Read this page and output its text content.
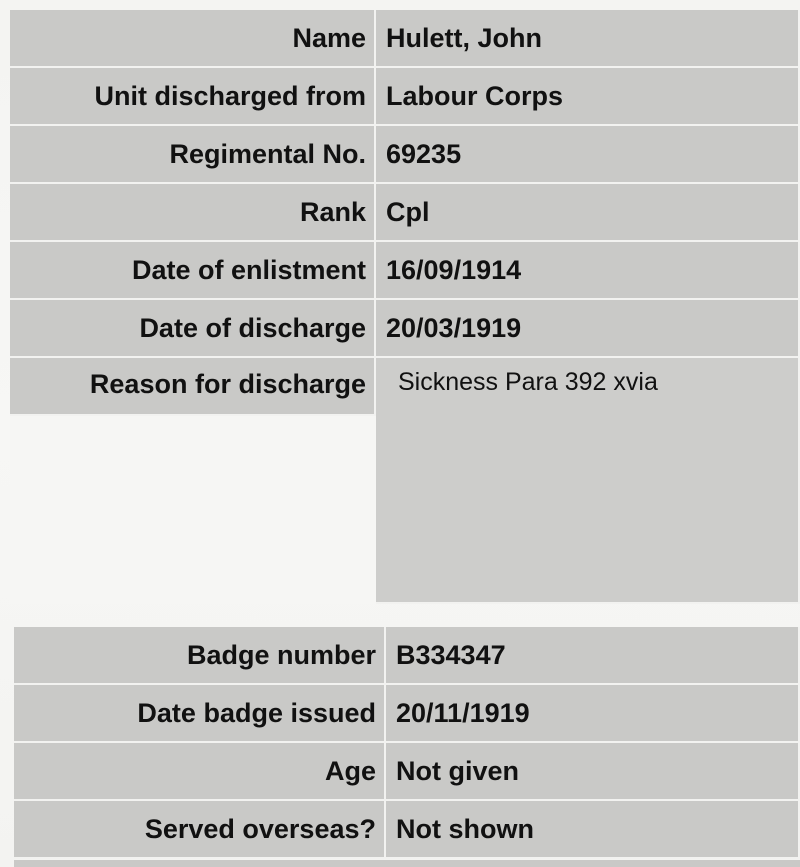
Name Hulett, John
Unit discharged from Labour Corps
Regimental No. 69235
Rank Cpl
Date of enlistment 16/09/1914
Date of discharge 20/03/1919
Reason for discharge	Sickness Para 392 xvia
Badge number B334347
Date badge issued 20/11/1919
Age Not given
Served overseas? Not shown
